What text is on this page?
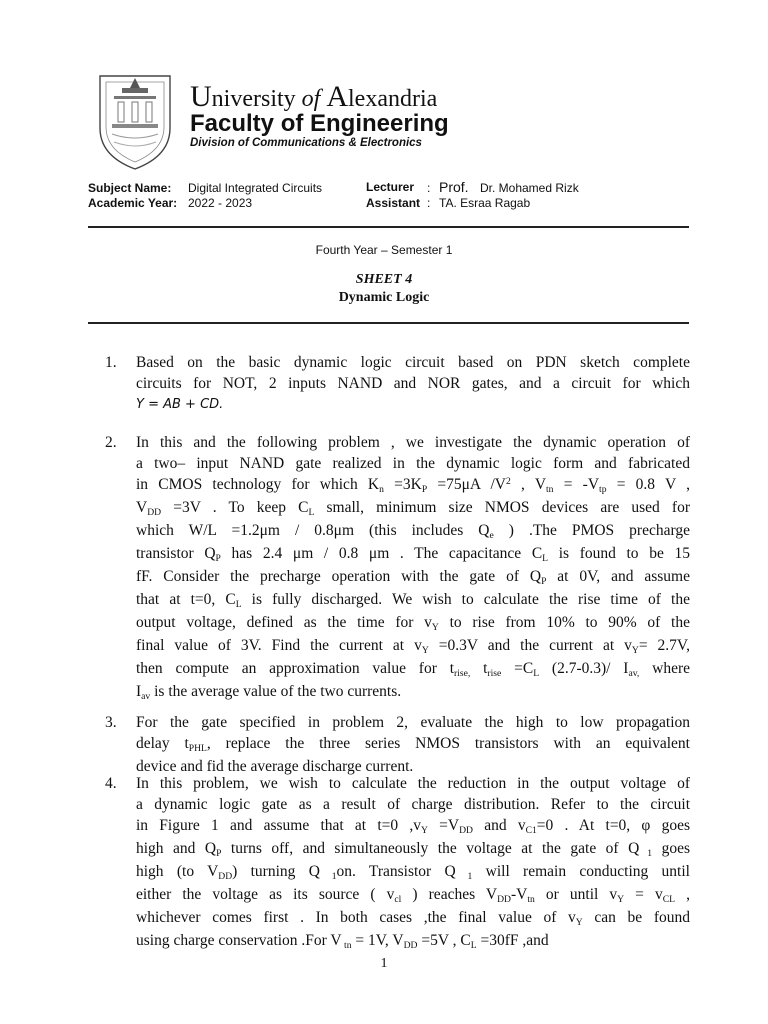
University of Alexandria
Faculty of Engineering
Division of Communications & Electronics
Subject Name: Digital Integrated Circuits
Academic Year: 2022 - 2023
Lecturer : Prof. Dr. Mohamed Rizk
Assistant : TA. Esraa Ragab
Fourth Year – Semester 1
SHEET 4
Dynamic Logic
1. Based on the basic dynamic logic circuit based on PDN sketch complete
circuits for NOT, 2 inputs NAND and NOR gates, and a circuit for which
Y = AB + CD.
2. In this and the following problem , we investigate the dynamic operation of
a two– input NAND gate realized in the dynamic logic form and fabricated
in CMOS technology for which $K_n =3K_P =75\mu A$ $/V^2$ , $V_{tn} = -V_{tp} = 0.8$ V ,
$V_{DD} =3V$ . To keep $C_L$ small, minimum size NMOS devices are used for
which W/L =1.2μm / 0.8μm (this includes $Q_e$ ) .The PMOS precharge
transistor $Q_P$ has 2.4 μm / 0.8 μm . The capacitance $C_L$ is found to be 15
fF. Consider the precharge operation with the gate of $Q_P$ at 0V, and assume
that at t=0, $C_L$ is fully discharged. We wish to calculate the rise time of the
output voltage, defined as the time for $v_Y$ to rise from 10% to 90% of the
final value of 3V. Find the current at $v_Y =0.3V$ and the current at $v_Y= 2.7V$,
then compute an approximation value for $t_{rise,}$ $t_{rise} =C_L$ (2.7-0.3)/ $I_{av,}$ where
$I_{av}$ is the average value of the two currents.
3. For the gate specified in problem 2, evaluate the high to low propagation
delay $t_{PHL}$, replace the three series NMOS transistors with an equivalent
device and fid the average discharge current.
4. In this problem, we wish to calculate the reduction in the output voltage of
a dynamic logic gate as a result of charge distribution. Refer to the circuit
in Figure 1 and assume that at t=0 $,v_Y =V_{DD}$ and $v_{C1}=0$ . At t=0, φ goes
high and $Q_P$ turns off, and simultaneously the voltage at the gate of Q $_1$ goes
high (to $V_{DD}$) turning Q $_1$on. Transistor Q $_1$ will remain conducting until
either the voltage as its source ( $v_{cl}$ ) reaches $V_{DD}-V_{tn}$ or until $v_Y = v_{CL}$ ,
whichever comes first . In both cases ,the final value of $v_Y$ can be found
using charge conservation .For V $_{tn}$ = 1V, $V_{DD} =5V$ , $C_L =30fF$ ,and
1
